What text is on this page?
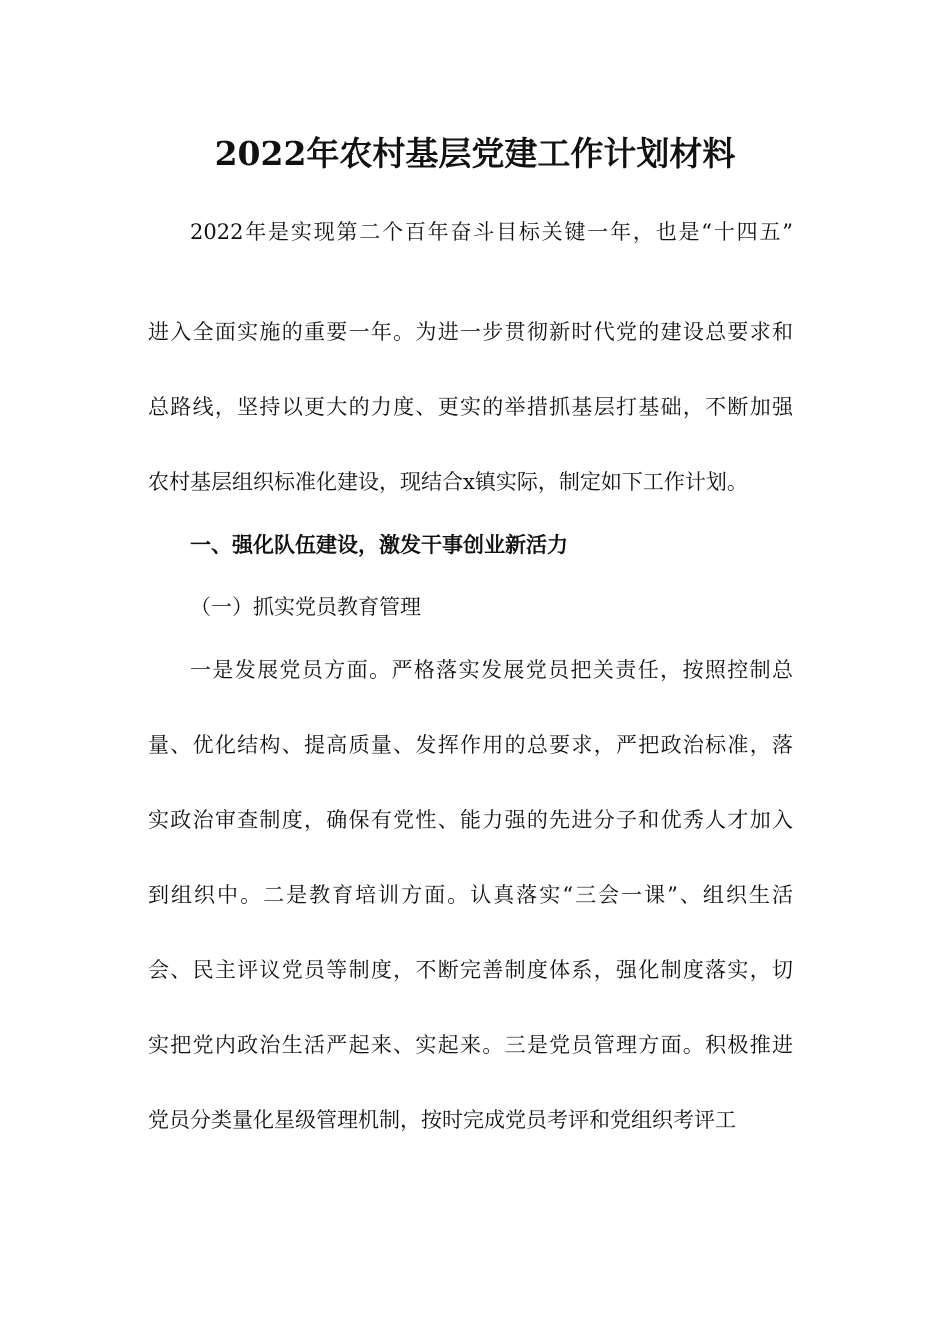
2022年农村基层党建工作计划材料
2022年是实现第二个百年奋斗目标关键一年，也是“十四五”
进入全面实施的重要一年。为进一步贯彻新时代党的建设总要求和
总路线，坚持以更大的力度、更实的举措抓基层打基础，不断加强
农村基层组织标准化建设，现结合x镇实际，制定如下工作计划。
一、强化队伍建设，激发干事创业新活力
（一）抓实党员教育管理
一是发展党员方面。严格落实发展党员把关责任，按照控制总
量、优化结构、提高质量、发挥作用的总要求，严把政治标准，落
实政治审查制度，确保有党性、能力强的先进分子和优秀人才加入
到组织中。二是教育培训方面。认真落实“三会一课”、组织生活
会、民主评议党员等制度，不断完善制度体系，强化制度落实，切
实把党内政治生活严起来、实起来。三是党员管理方面。积极推进
党员分类量化星级管理机制，按时完成党员考评和党组织考评工
